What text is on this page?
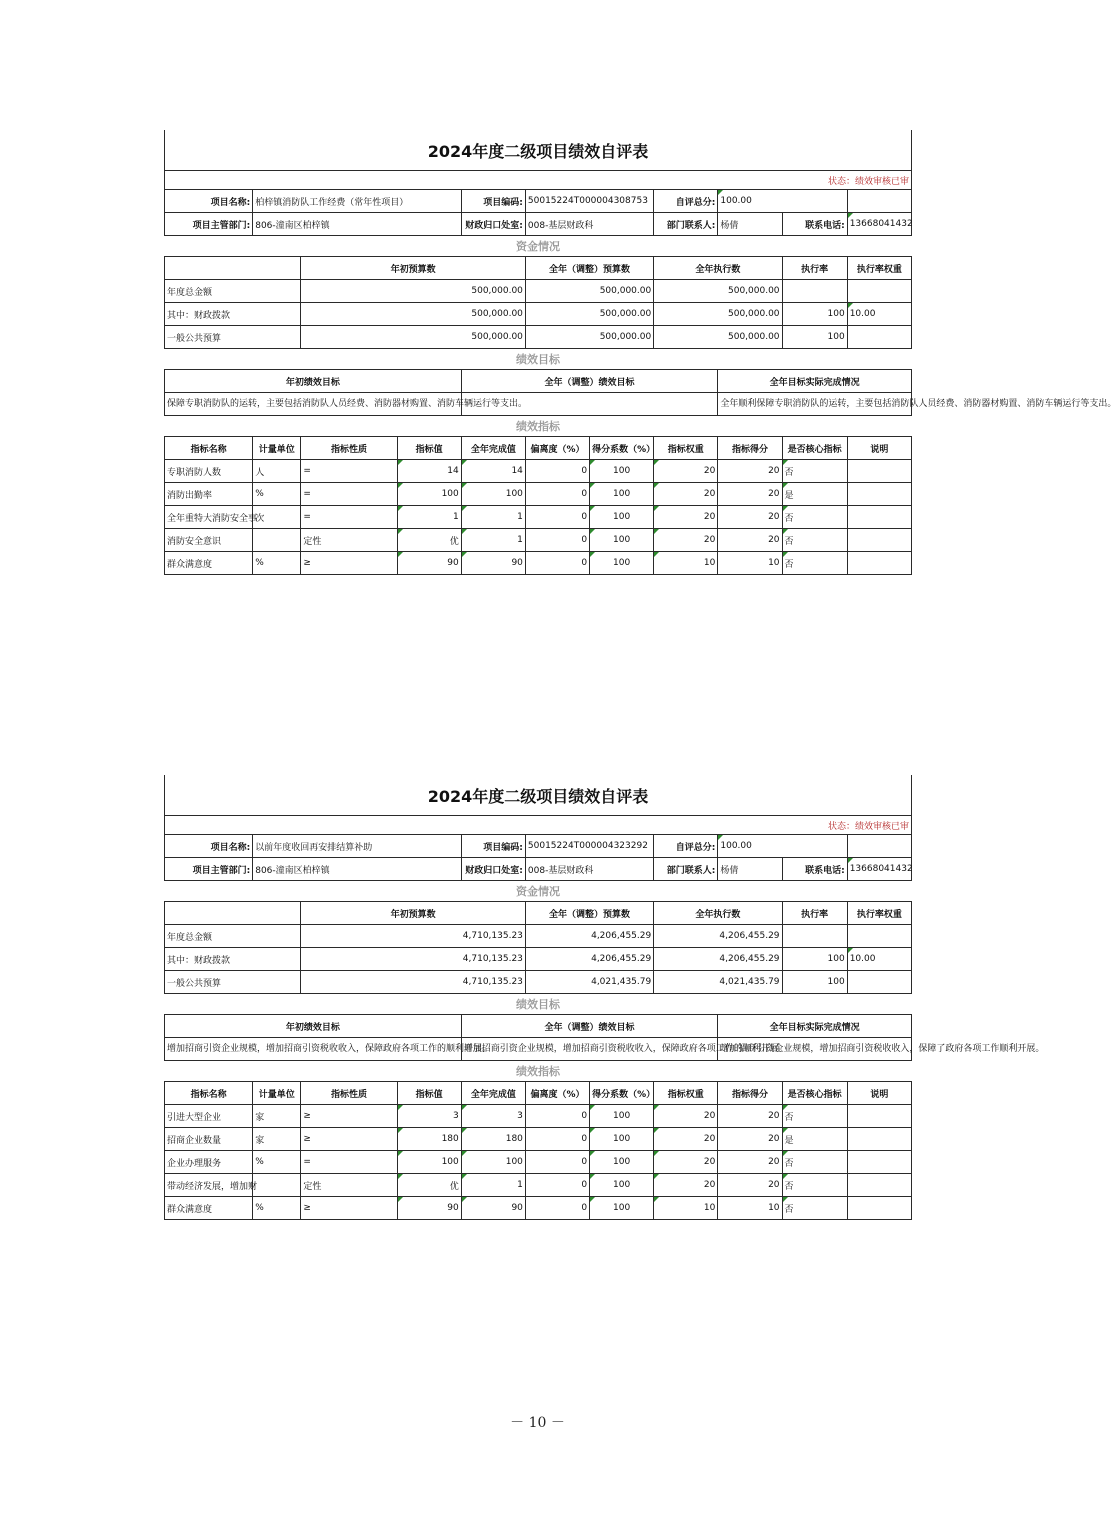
2024年度二级项目绩效自评表										
状态：绩效审核已审										
项目名称:	柏梓镇消防队工作经费（常年性项目）			项目编码:	50015224T000004308753		自评总分:	100.00		
项目主管部门:	806-潼南区柏梓镇			财政归口处室:	008-基层财政科		部门联系人:	杨倩	联系电话:	13668041432
资金情况										
		年初预算数			全年（调整）预算数		全年执行数		执行率	执行率权重
年度总金额		500,000.00			500,000.00		500,000.00			
其中：财政拨款		500,000.00			500,000.00		500,000.00		100	10.00
一般公共预算		500,000.00			500,000.00		500,000.00		100	
绩效目标										
年初绩效目标				全年（调整）绩效目标				全年目标实际完成情况		
保障专职消防队的运转，主要包括消防队人员经费、消防器材购置、消防车辆运行等支出。								全年顺利保障专职消防队的运转，主要包括消防队人员经费、消防器材购置、消防车辆运行等支出。		
绩效指标										
指标名称	计量单位	指标性质	指标值	全年完成值	偏离度（%）	得分系数（%）	指标权重	指标得分	是否核心指标	说明
专职消防人数	人	=	14	14	0	100	20	20	否	
消防出勤率	%	=	100	100	0	100	20	20	是	
全年重特大消防安全事	次	=	1	1	0	100	20	20	否	
消防安全意识		定性	优	1	0	100	20	20	否	
群众满意度	%	≥	90	90	0	100	10	10	否	
2024年度二级项目绩效自评表										
状态：绩效审核已审										
项目名称:	以前年度收回再安排结算补助			项目编码:	50015224T000004323292		自评总分:	100.00		
项目主管部门:	806-潼南区柏梓镇			财政归口处室:	008-基层财政科		部门联系人:	杨倩	联系电话:	13668041432
资金情况										
		年初预算数			全年（调整）预算数		全年执行数		执行率	执行率权重
年度总金额		4,710,135.23			4,206,455.29		4,206,455.29			
其中：财政拨款		4,710,135.23			4,206,455.29		4,206,455.29		100	10.00
一般公共预算		4,710,135.23			4,021,435.79		4,021,435.79		100	
绩效目标										
年初绩效目标				全年（调整）绩效目标				全年目标实际完成情况		
增加招商引资企业规模，增加招商引资税收收入，保障政府各项工作的顺利开展。				增加招商引资企业规模，增加招商引资税收收入，保障政府各项工作的顺利开展。				增加招商引资企业规模，增加招商引资税收收入，保障了政府各项工作顺利开展。		
绩效指标										
指标名称	计量单位	指标性质	指标值	全年完成值	偏离度（%）	得分系数（%）	指标权重	指标得分	是否核心指标	说明
引进大型企业	家	≥	3	3	0	100	20	20	否	
招商企业数量	家	≥	180	180	0	100	20	20	是	
企业办理服务	%	=	100	100	0	100	20	20	否	
带动经济发展，增加财		定性	优	1	0	100	20	20	否	
群众满意度	%	≥	90	90	0	100	10	10	否	
－ 10 －
